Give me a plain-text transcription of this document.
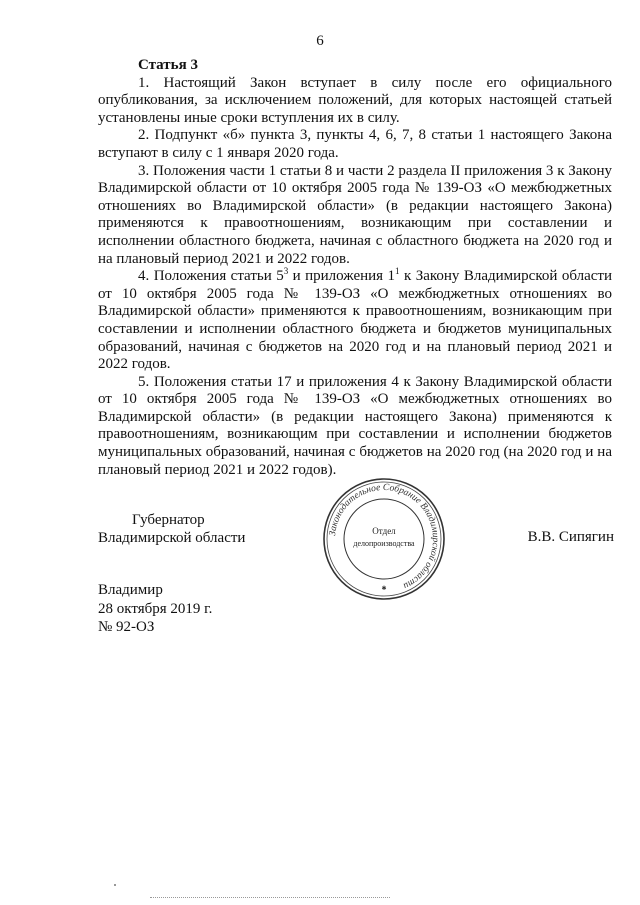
6

Статья 3

1. Настоящий Закон вступает в силу после его официального опубликования, за исключением положений, для которых настоящей статьей установлены иные сроки вступления их в силу.

2. Подпункт «б» пункта 3, пункты 4, 6, 7, 8 статьи 1 настоящего Закона вступают в силу с 1 января 2020 года.

3. Положения части 1 статьи 8 и части 2 раздела II приложения 3 к Закону Владимирской области от 10 октября 2005 года № 139-ОЗ «О межбюджетных отношениях во Владимирской области» (в редакции настоящего Закона) применяются к правоотношениям, возникающим при составлении и исполнении областного бюджета, начиная с областного бюджета на 2020 год и на плановый период 2021 и 2022 годов.

4. Положения статьи $5^3$ и приложения $1^1$ к Закону Владимирской области от 10 октября 2005 года № 139-ОЗ «О межбюджетных отношениях во Владимирской области» применяются к правоотношениям, возникающим при составлении и исполнении областного бюджета и бюджетов муниципальных образований, начиная с бюджетов на 2020 год и на плановый период 2021 и 2022 годов.

5. Положения статьи 17 и приложения 4 к Закону Владимирской области от 10 октября 2005 года № 139-ОЗ «О межбюджетных отношениях во Владимирской области» (в редакции настоящего Закона) применяются к правоотношениям, возникающим при составлении и исполнении бюджетов муниципальных образований, начиная с бюджетов на 2020 год (на 2020 год и на плановый период 2021 и 2022 годов).

Губернатор
Владимирской области	В.В. Сипягин
Законодательное Собрание Владимирской области
Отдел
делопроизводства
✱
Владимир
28 октября 2019 г.
№ 92-ОЗ
